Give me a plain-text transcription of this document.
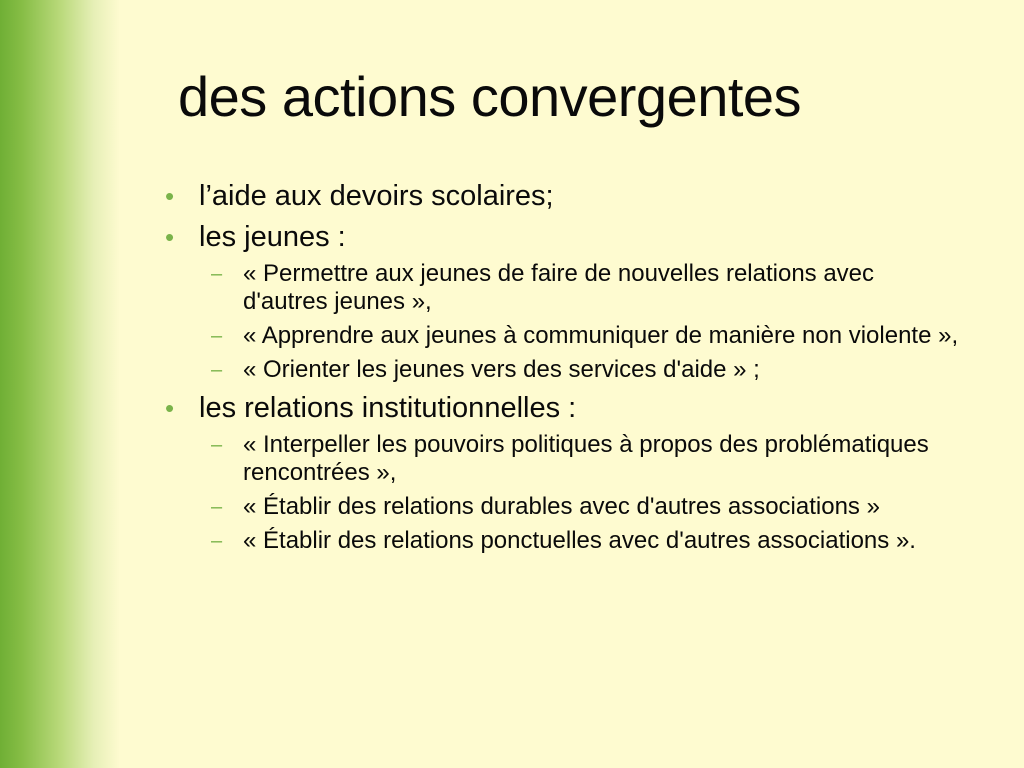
des actions convergentes
• l’aide aux devoirs scolaires;
• les jeunes :
– « Permettre aux jeunes de faire de nouvelles relations avec d'autres jeunes »,
– « Apprendre aux jeunes à communiquer de manière non violente »,
– « Orienter les jeunes vers des services d'aide » ;
• les relations institutionnelles :
– « Interpeller les pouvoirs politiques à propos des problématiques rencontrées »,
– « Établir des relations durables avec d'autres associations »
– « Établir des relations ponctuelles avec d'autres associations ».
